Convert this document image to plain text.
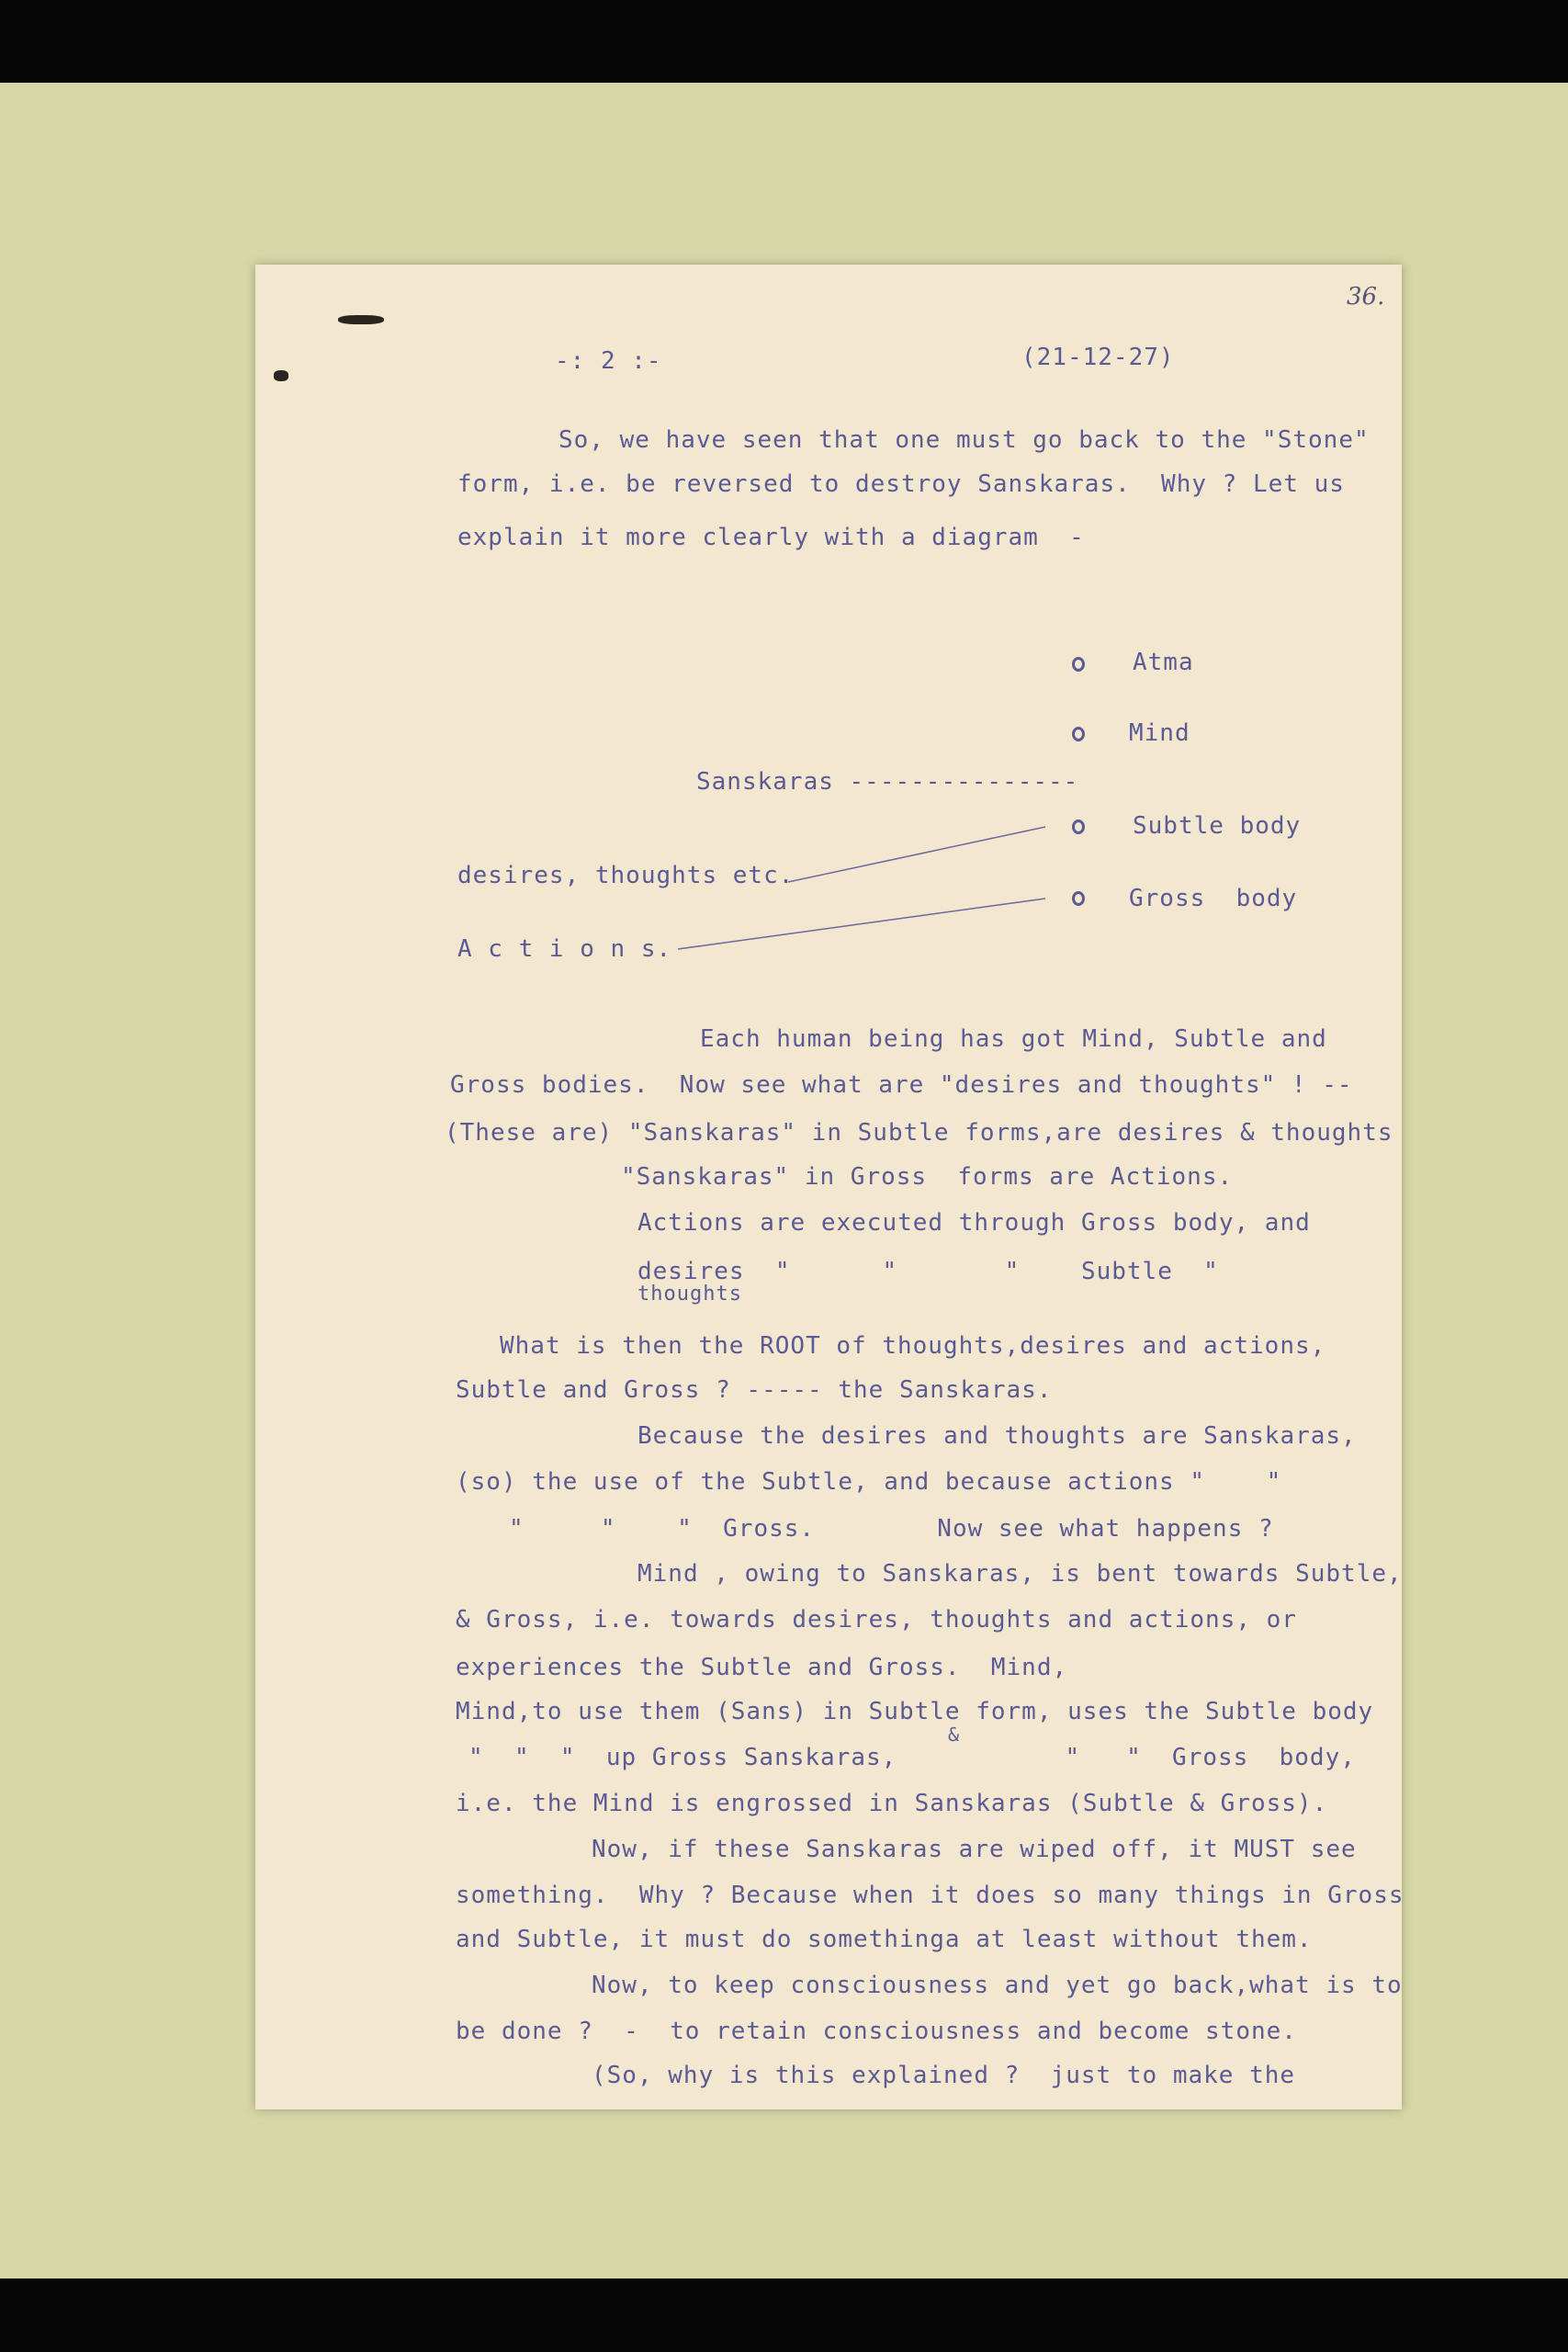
36.
-: 2 :-	(21-12-27)
So, we have seen that one must go back to the "Stone"
form, i.e. be reversed to destroy Sanskaras.  Why ? Let us
explain it more clearly with a diagram  -
Atma
Mind
Sanskaras ---------------
Subtle body
desires, thoughts etc.
Gross  body
A c t i o n s.
Each human being has got Mind, Subtle and
Gross bodies.  Now see what are "desires and thoughts" ! --
(These are) "Sanskaras" in Subtle forms,are desires & thoughts
"Sanskaras" in Gross  forms are Actions.
Actions are executed through Gross body, and
desires  "      "       "    Subtle  "
thoughts
What is then the ROOT of thoughts,desires and actions,
Subtle and Gross ? ----- the Sanskaras.
Because the desires and thoughts are Sanskaras,
(so) the use of the Subtle, and because actions "    "
"     "    "  Gross.        Now see what happens ?
Mind , owing to Sanskaras, is bent towards Subtle,
& Gross, i.e. towards desires, thoughts and actions, or
experiences the Subtle and Gross.  Mind,
Mind,to use them (Sans) in Subtle form, uses the Subtle body
&
"  "  "  up Gross Sanskaras,           "   "  Gross  body,
i.e. the Mind is engrossed in Sanskaras (Subtle & Gross).
Now, if these Sanskaras are wiped off, it MUST see
something.  Why ? Because when it does so many things in Gross
and Subtle, it must do somethinga at least without them.
Now, to keep consciousness and yet go back,what is to
be done ?  -  to retain consciousness and become stone.
(So, why is this explained ?  just to make the
